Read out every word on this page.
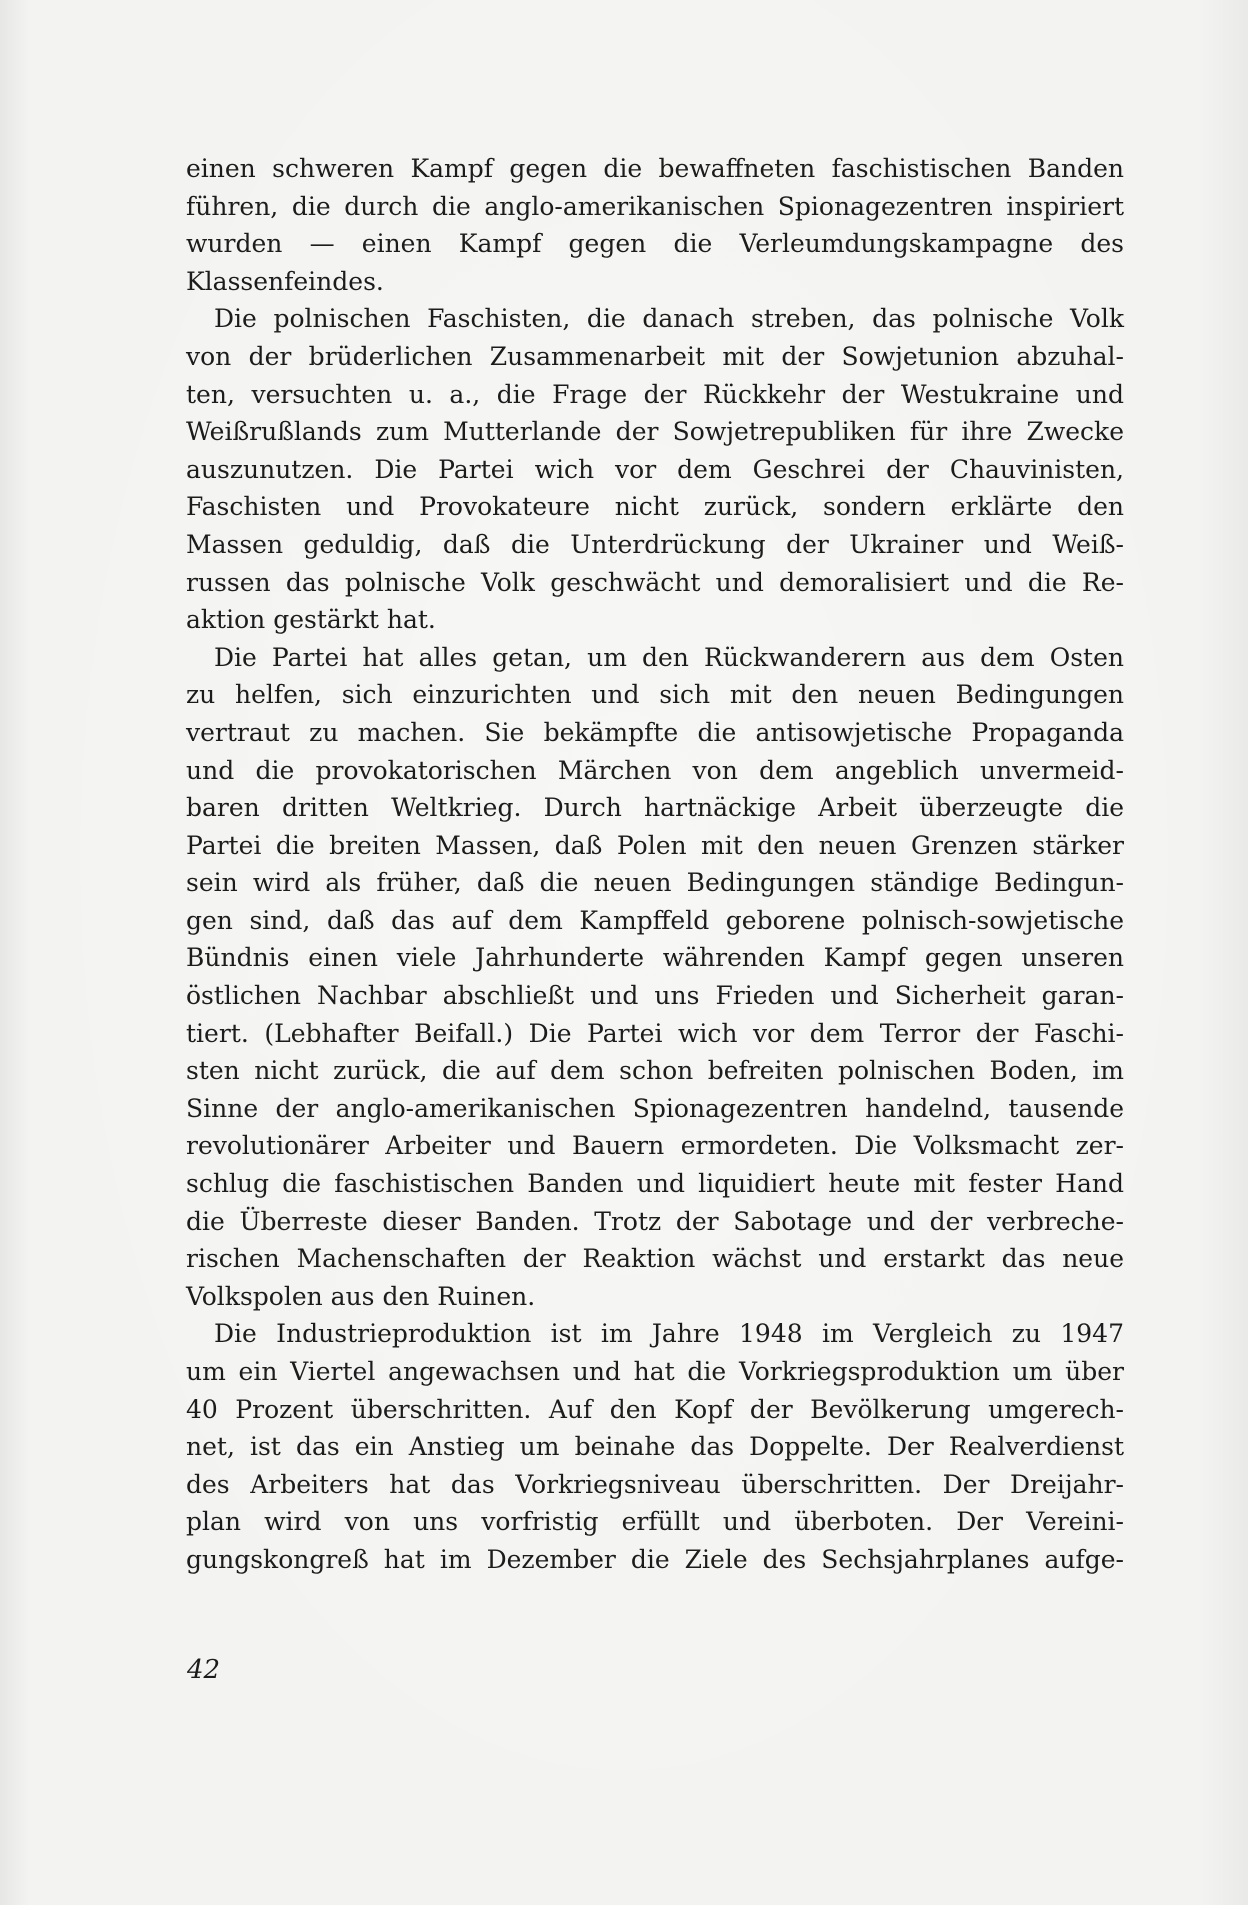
einen schweren Kampf gegen die bewaffneten faschistischen Banden
führen, die durch die anglo-amerikanischen Spionagezentren inspiriert
wurden — einen Kampf gegen die Verleumdungskampagne des
Klassenfeindes.
Die polnischen Faschisten, die danach streben, das polnische Volk
von der brüderlichen Zusammenarbeit mit der Sowjetunion abzuhal-
ten, versuchten u. a., die Frage der Rückkehr der Westukraine und
Weißrußlands zum Mutterlande der Sowjetrepubliken für ihre Zwecke
auszunutzen. Die Partei wich vor dem Geschrei der Chauvinisten,
Faschisten und Provokateure nicht zurück, sondern erklärte den
Massen geduldig, daß die Unterdrückung der Ukrainer und Weiß-
russen das polnische Volk geschwächt und demoralisiert und die Re-
aktion gestärkt hat.
Die Partei hat alles getan, um den Rückwanderern aus dem Osten
zu helfen, sich einzurichten und sich mit den neuen Bedingungen
vertraut zu machen. Sie bekämpfte die antisowjetische Propaganda
und die provokatorischen Märchen von dem angeblich unvermeid-
baren dritten Weltkrieg. Durch hartnäckige Arbeit überzeugte die
Partei die breiten Massen, daß Polen mit den neuen Grenzen stärker
sein wird als früher, daß die neuen Bedingungen ständige Bedingun-
gen sind, daß das auf dem Kampffeld geborene polnisch-sowjetische
Bündnis einen viele Jahrhunderte währenden Kampf gegen unseren
östlichen Nachbar abschließt und uns Frieden und Sicherheit garan-
tiert. (Lebhafter Beifall.) Die Partei wich vor dem Terror der Faschi-
sten nicht zurück, die auf dem schon befreiten polnischen Boden, im
Sinne der anglo-amerikanischen Spionagezentren handelnd, tausende
revolutionärer Arbeiter und Bauern ermordeten. Die Volksmacht zer-
schlug die faschistischen Banden und liquidiert heute mit fester Hand
die Überreste dieser Banden. Trotz der Sabotage und der verbreche-
rischen Machenschaften der Reaktion wächst und erstarkt das neue
Volkspolen aus den Ruinen.
Die Industrieproduktion ist im Jahre 1948 im Vergleich zu 1947
um ein Viertel angewachsen und hat die Vorkriegsproduktion um über
40 Prozent überschritten. Auf den Kopf der Bevölkerung umgerech-
net, ist das ein Anstieg um beinahe das Doppelte. Der Realverdienst
des Arbeiters hat das Vorkriegsniveau überschritten. Der Dreijahr-
plan wird von uns vorfristig erfüllt und überboten. Der Vereini-
gungskongreß hat im Dezember die Ziele des Sechsjahrplanes aufge-
42
